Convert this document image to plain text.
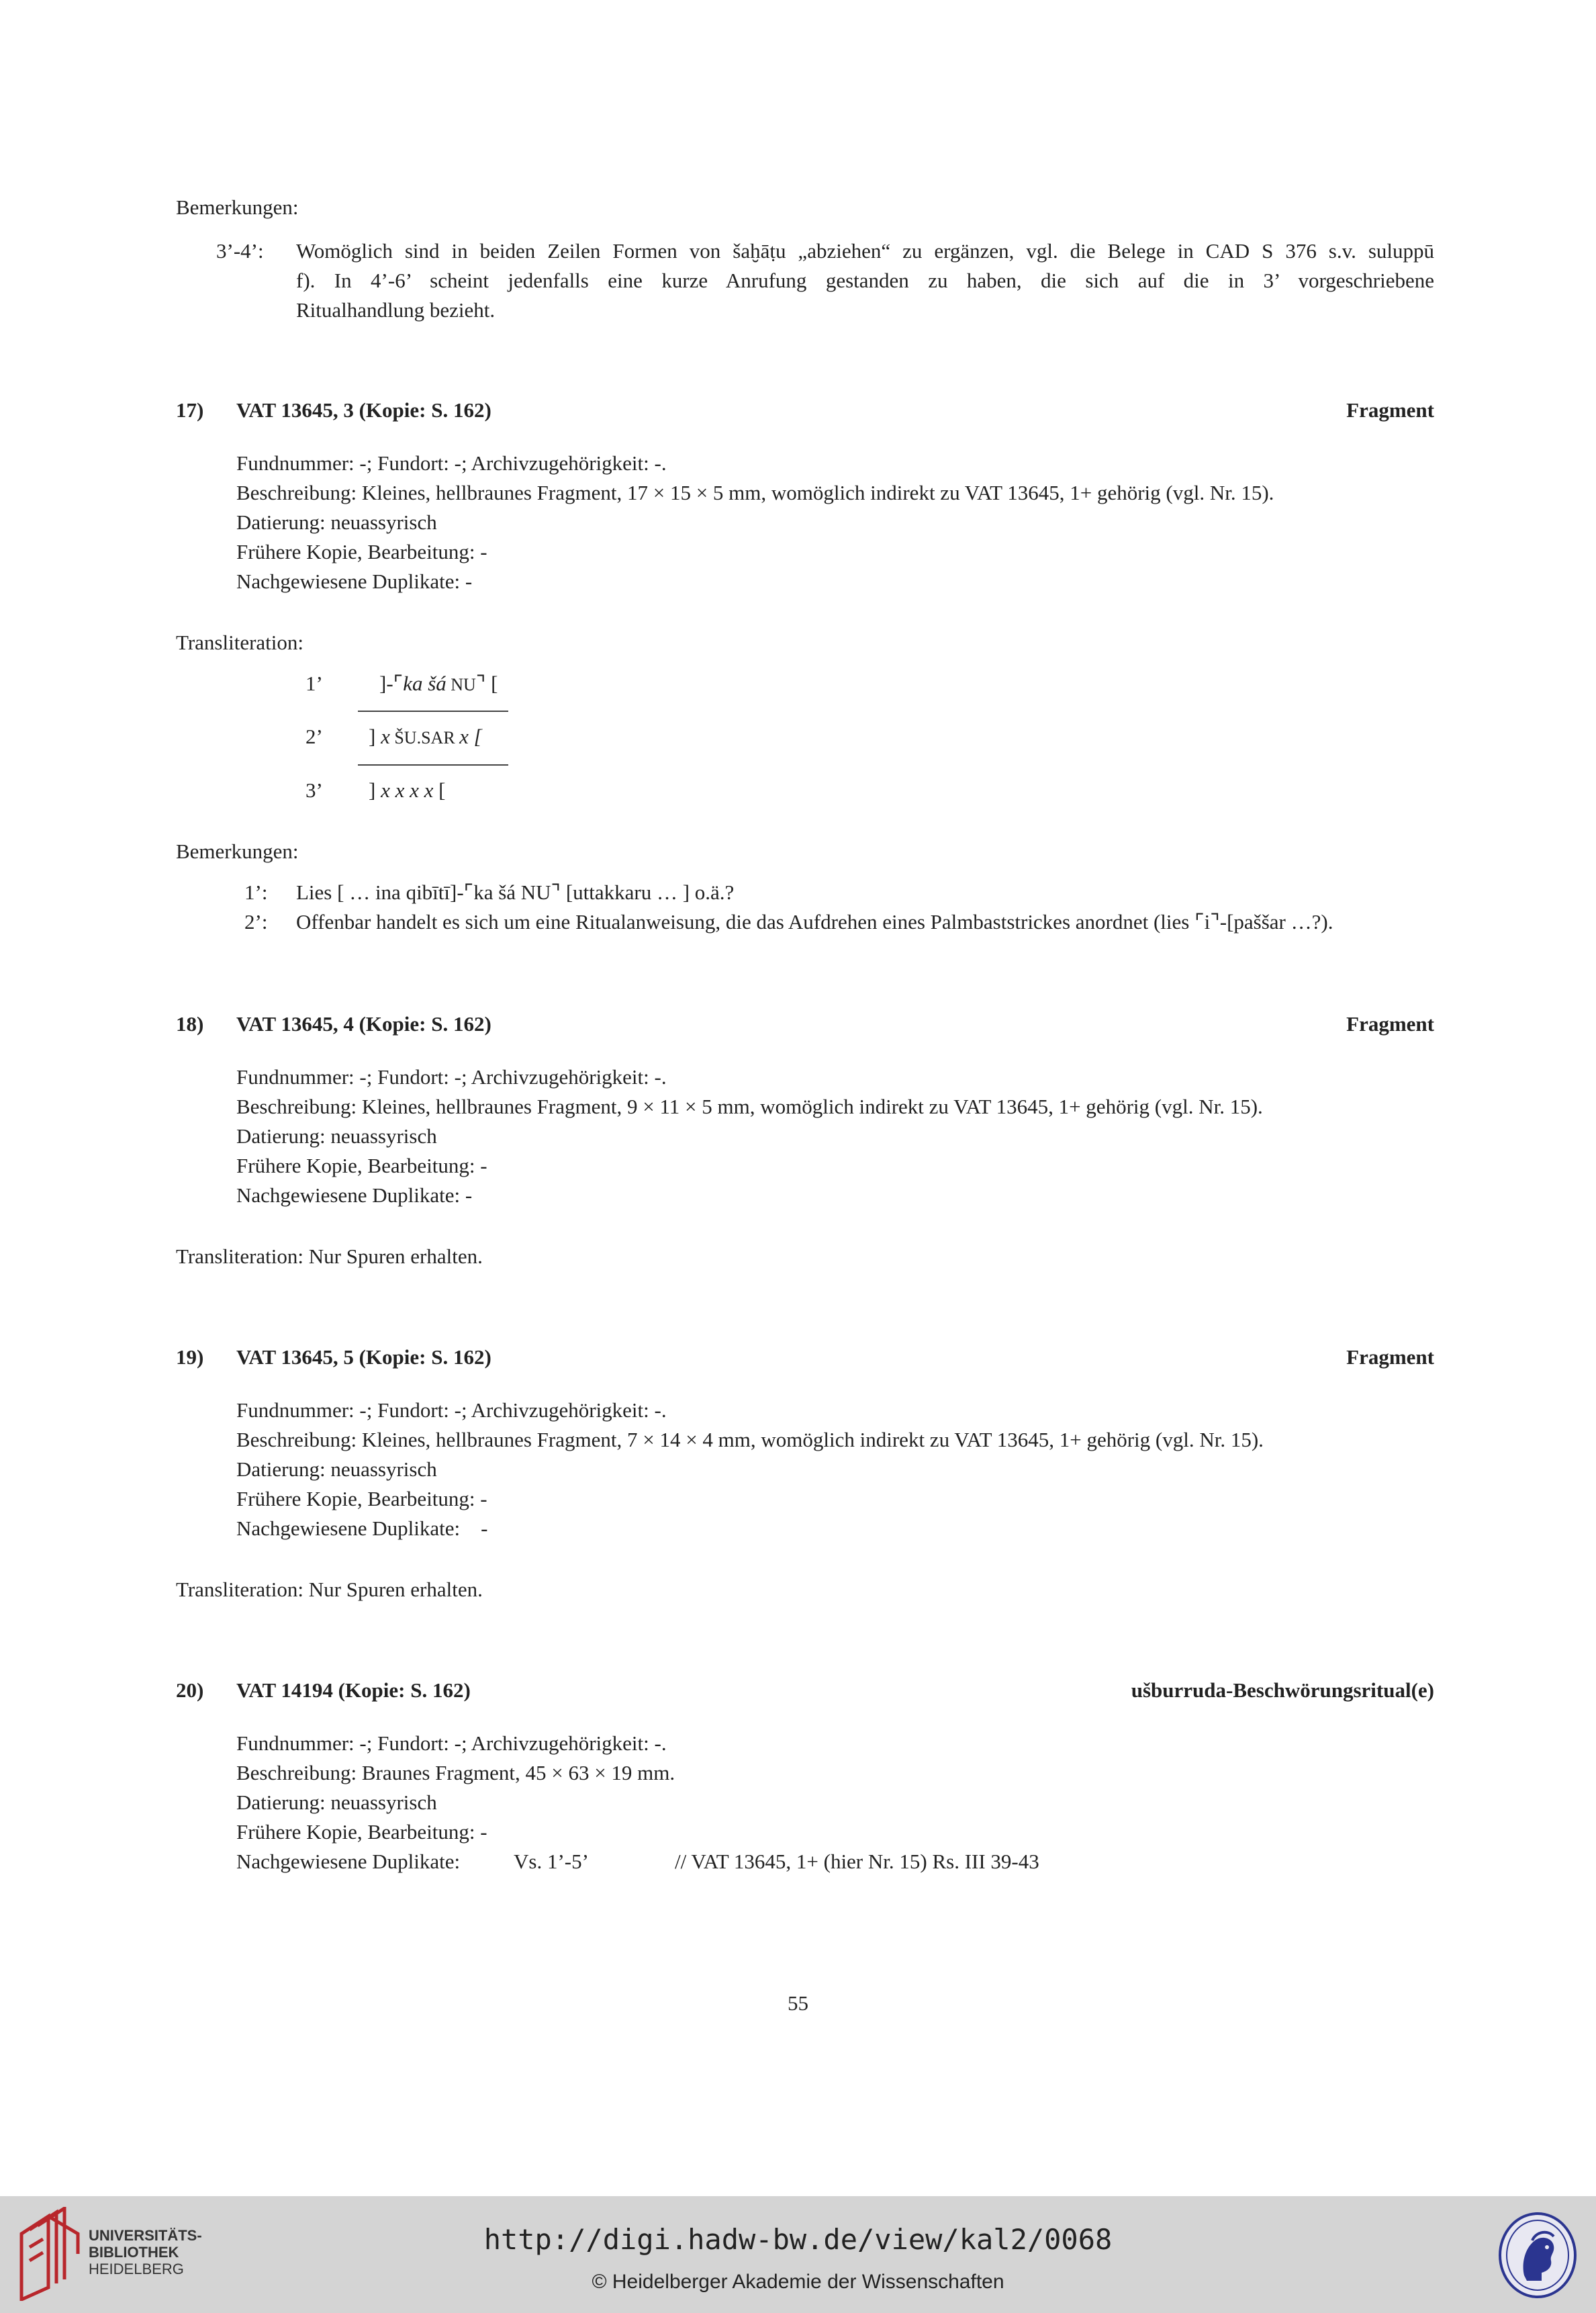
Bemerkungen:
3’-4’: Womöglich sind in beiden Zeilen Formen von šaḫāṭu „abziehen“ zu ergänzen, vgl. die Belege in CAD S 376 s.v. suluppū
f). In 4’-6’ scheint jedenfalls eine kurze Anrufung gestanden zu haben, die sich auf die in 3’ vorgeschriebene
Ritualhandlung bezieht.
17) VAT 13645, 3 (Kopie: S. 162)	Fragment
Fundnummer: -; Fundort: -; Archivzugehörigkeit: -.
Beschreibung: Kleines, hellbraunes Fragment, 17 × 15 × 5 mm, womöglich indirekt zu VAT 13645, 1+ gehörig (vgl. Nr. 15).
Datierung: neuassyrisch
Frühere Kopie, Bearbeitung: -
Nachgewiesene Duplikate: -
Transliteration:
1’	]-⌜ka šá NU⌝ [
2’ ] x ŠU.SAR x [
3’ ] x x x x [
Bemerkungen:
1’: Lies [ … ina qibītī]-⌜ka šá NU⌝ [uttakkaru … ] o.ä.?
2’: Offenbar handelt es sich um eine Ritualanweisung, die das Aufdrehen eines Palmbaststrickes anordnet (lies ⌜i⌝-[paššar …?).
18) VAT 13645, 4 (Kopie: S. 162)	Fragment
Fundnummer: -; Fundort: -; Archivzugehörigkeit: -.
Beschreibung: Kleines, hellbraunes Fragment, 9 × 11 × 5 mm, womöglich indirekt zu VAT 13645, 1+ gehörig (vgl. Nr. 15).
Datierung: neuassyrisch
Frühere Kopie, Bearbeitung: -
Nachgewiesene Duplikate: -
Transliteration: Nur Spuren erhalten.
19) VAT 13645, 5 (Kopie: S. 162)	Fragment
Fundnummer: -; Fundort: -; Archivzugehörigkeit: -.
Beschreibung: Kleines, hellbraunes Fragment, 7 × 14 × 4 mm, womöglich indirekt zu VAT 13645, 1+ gehörig (vgl. Nr. 15).
Datierung: neuassyrisch
Frühere Kopie, Bearbeitung: -
Nachgewiesene Duplikate:    -
Transliteration: Nur Spuren erhalten.
20) VAT 14194 (Kopie: S. 162)	ušburruda-Beschwörungsritual(e)
Fundnummer: -; Fundort: -; Archivzugehörigkeit: -.
Beschreibung: Braunes Fragment, 45 × 63 × 19 mm.
Datierung: neuassyrisch
Frühere Kopie, Bearbeitung: -
Nachgewiesene Duplikate:	Vs. 1’-5’	// VAT 13645, 1+ (hier Nr. 15) Rs. III 39-43
55
UNIVERSITÄTS-
BIBLIOTHEK
HEIDELBERG
http://digi.hadw-bw.de/view/kal2/0068
© Heidelberger Akademie der Wissenschaften
